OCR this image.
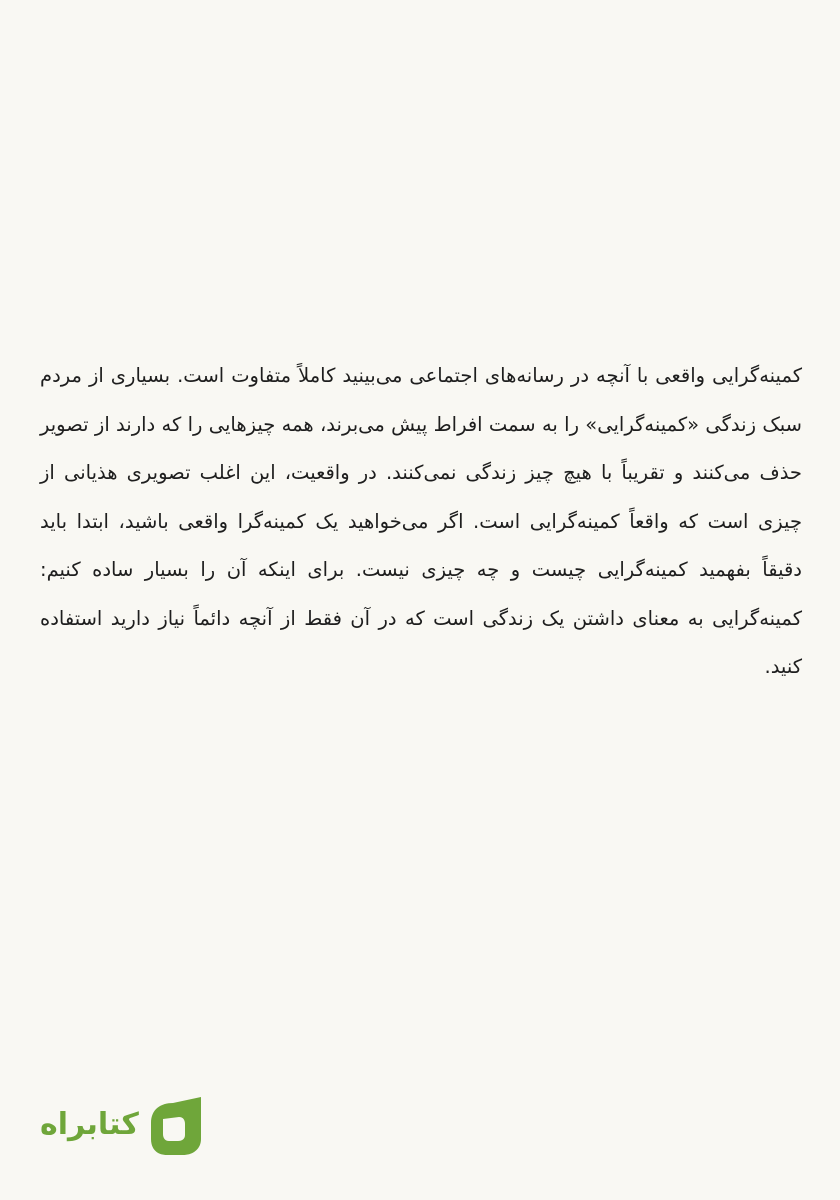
کمینه‌گرایی واقعی با آنچه در رسانه‌های اجتماعی می‌بینید کاملاً متفاوت است. بسیاری از مردم سبک زندگی «کمینه‌گرایی» را به سمت افراط پیش می‌برند، همه چیزهایی را که دارند از تصویر حذف می‌کنند و تقریباً با هیچ چیز زندگی نمی‌کنند. در واقعیت، این اغلب تصویری هذیانی از چیزی است که واقعاً کمینه‌گرایی است. اگر می‌خواهید یک کمینه‌گرا واقعی باشید، ابتدا باید دقیقاً بفهمید کمینه‌گرایی چیست و چه چیزی نیست. برای اینکه آن را بسیار ساده کنیم: کمینه‌گرایی به معنای داشتن یک زندگی است که در آن فقط از آنچه دائماً نیاز دارید استفاده کنید.

کتابراه
